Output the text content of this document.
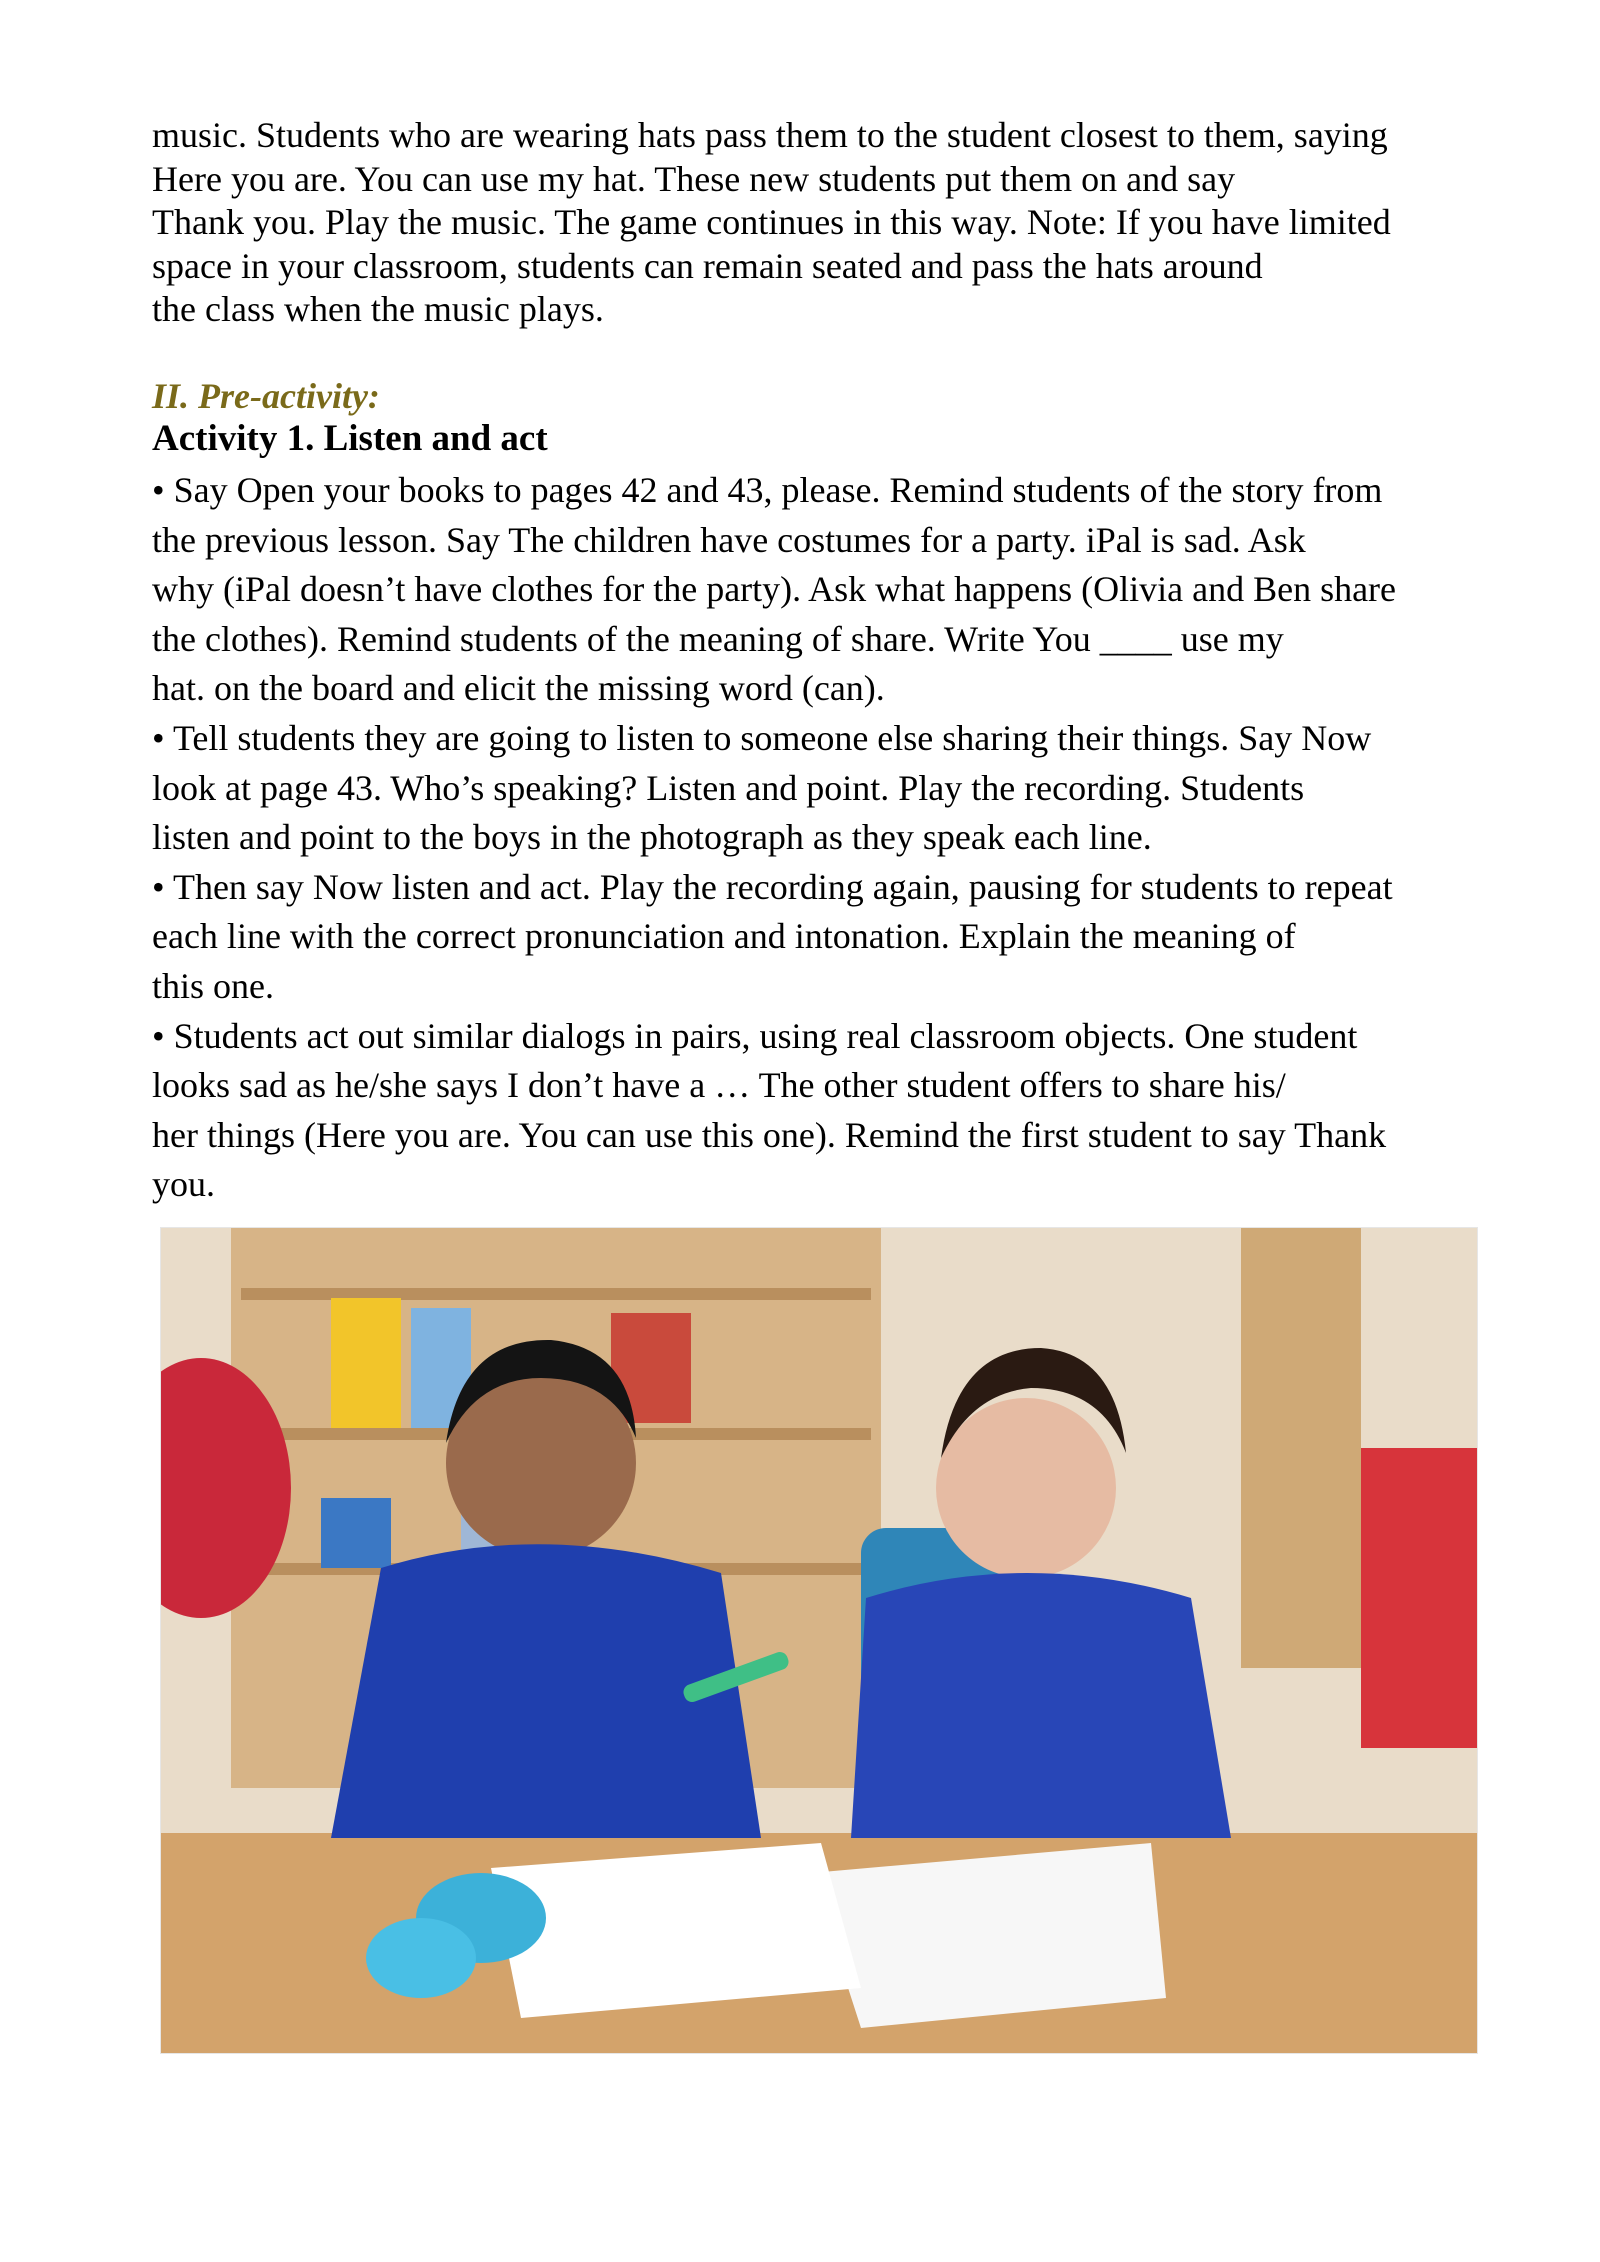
music. Students who are wearing hats pass them to the student closest to them, saying
Here you are. You can use my hat. These new students put them on and say
Thank you. Play the music. The game continues in this way. Note: If you have limited
space in your classroom, students can remain seated and pass the hats around
the class when the music plays.
II. Pre-activity:
Activity 1. Listen and act
• Say Open your books to pages 42 and 43, please. Remind students of the story from
the previous lesson. Say The children have costumes for a party. iPal is sad. Ask
why (iPal doesn’t have clothes for the party). Ask what happens (Olivia and Ben share
the clothes). Remind students of the meaning of share. Write You ____ use my
hat. on the board and elicit the missing word (can).
• Tell students they are going to listen to someone else sharing their things. Say Now
look at page 43. Who’s speaking? Listen and point. Play the recording. Students
listen and point to the boys in the photograph as they speak each line.
• Then say Now listen and act. Play the recording again, pausing for students to repeat
each line with the correct pronunciation and intonation. Explain the meaning of
this one.
• Students act out similar dialogs in pairs, using real classroom objects. One student
looks sad as he/she says I don’t have a … The other student offers to share his/
her things (Here you are. You can use this one). Remind the first student to say Thank
you.
